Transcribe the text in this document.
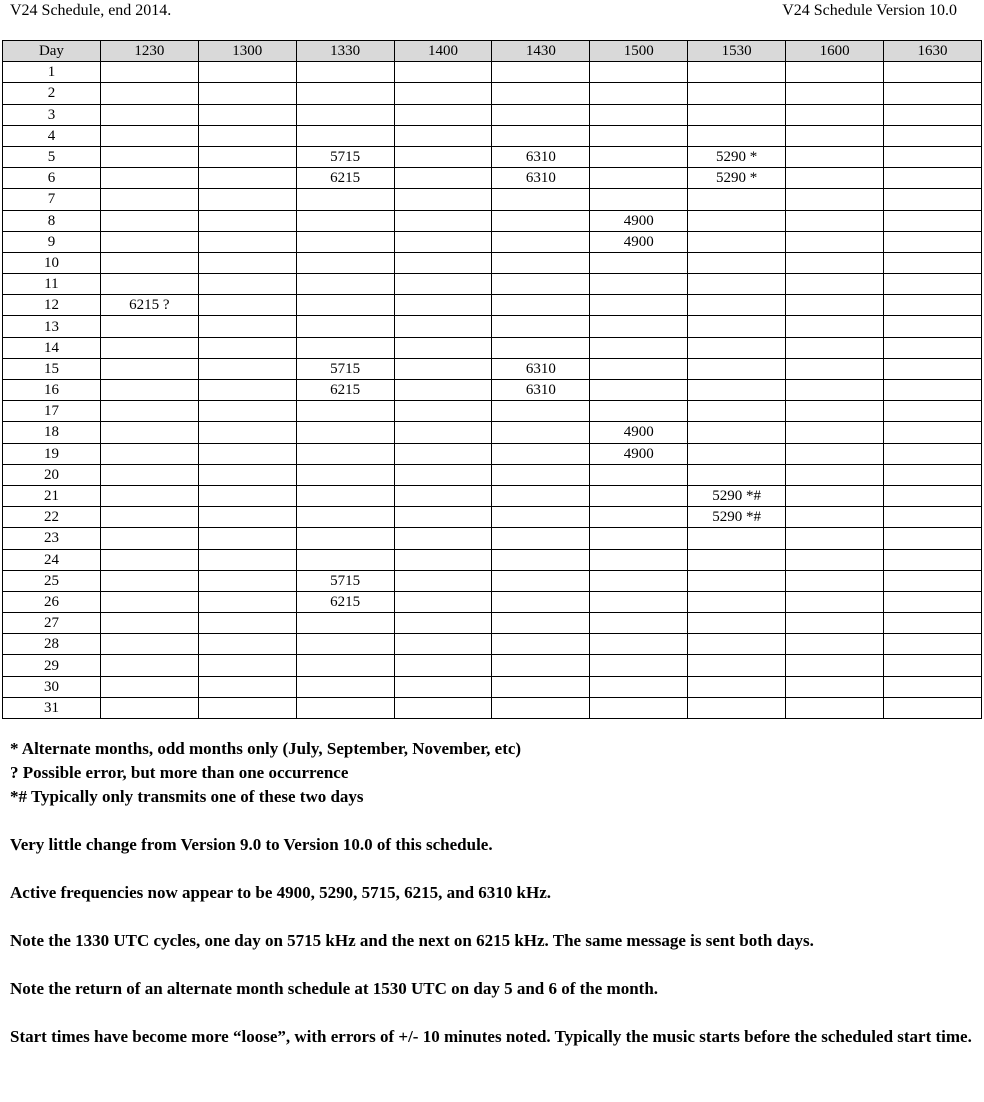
V24 Schedule, end 2014.	V24 Schedule Version 10.0
Day	1230	1300	1330	1400	1430	1500	1530	1600	1630
1									
2									
3									
4									
5			5715		6310		5290 *		
6			6215		6310		5290 *		
7									
8						4900			
9						4900			
10									
11									
12	6215 ?								
13									
14									
15			5715		6310				
16			6215		6310				
17									
18						4900			
19						4900			
20									
21							5290 *#		
22							5290 *#		
23									
24									
25			5715						
26			6215						
27									
28									
29									
30									
31									

* Alternate months, odd months only (July, September, November, etc)

? Possible error, but more than one occurrence

*# Typically only transmits one of these two days

Very little change from Version 9.0 to Version 10.0 of this schedule.

Active frequencies now appear to be 4900, 5290, 5715, 6215, and 6310 kHz.

Note the 1330 UTC cycles, one day on 5715 kHz and the next on 6215 kHz. The same message is sent both days.

Note the return of an alternate month schedule at 1530 UTC on day 5 and 6 of the month.

Start times have become more “loose”, with errors of +/- 10 minutes noted. Typically the music starts before the scheduled start time.
